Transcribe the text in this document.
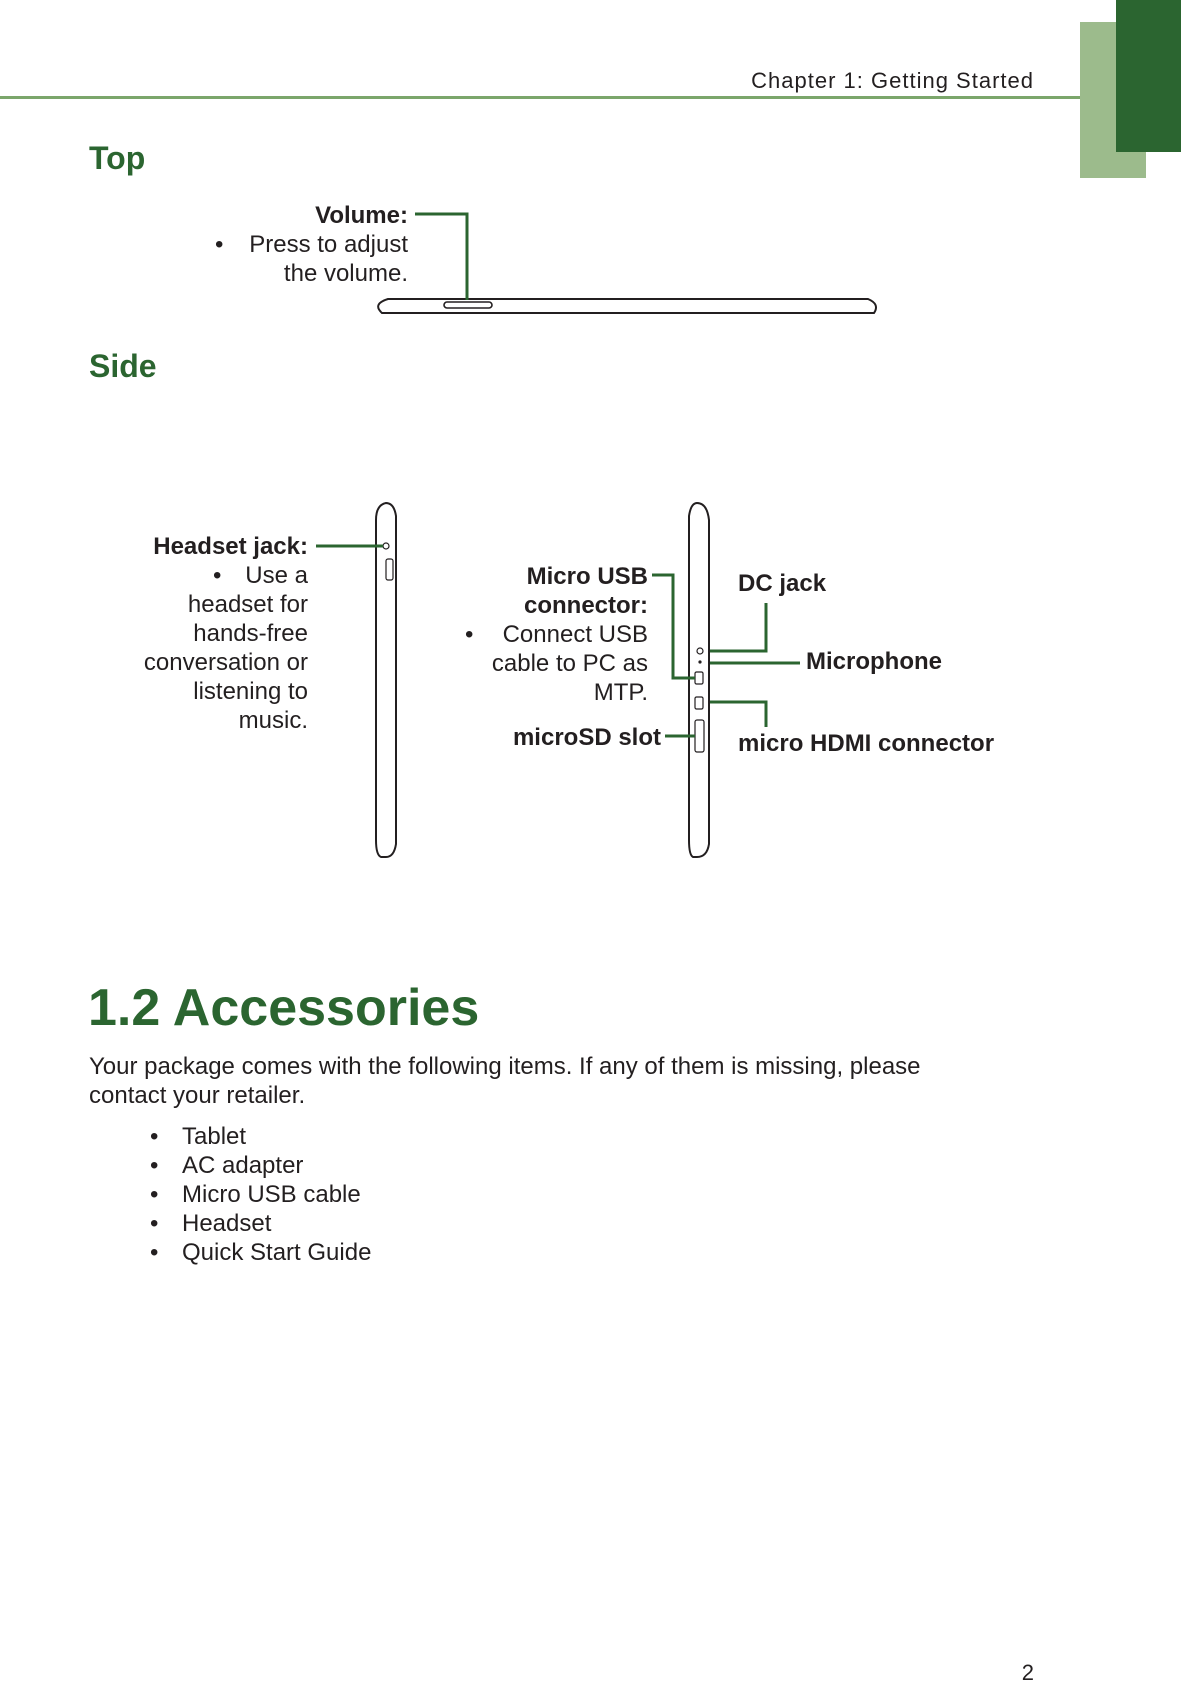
Chapter 1: Getting Started
Top
Volume:
• Press to adjust
the volume.
Side
Headset jack:
• Use a
headset for
hands-free
conversation or
listening to
music.
Micro USB
connector:
• Connect USB
cable to PC as
MTP.
microSD slot
DC jack
Microphone
micro HDMI connector
1.2 Accessories
Your package comes with the following items. If any of them is missing, please
contact your retailer.
• Tablet
• AC adapter
• Micro USB cable
• Headset
• Quick Start Guide
2
